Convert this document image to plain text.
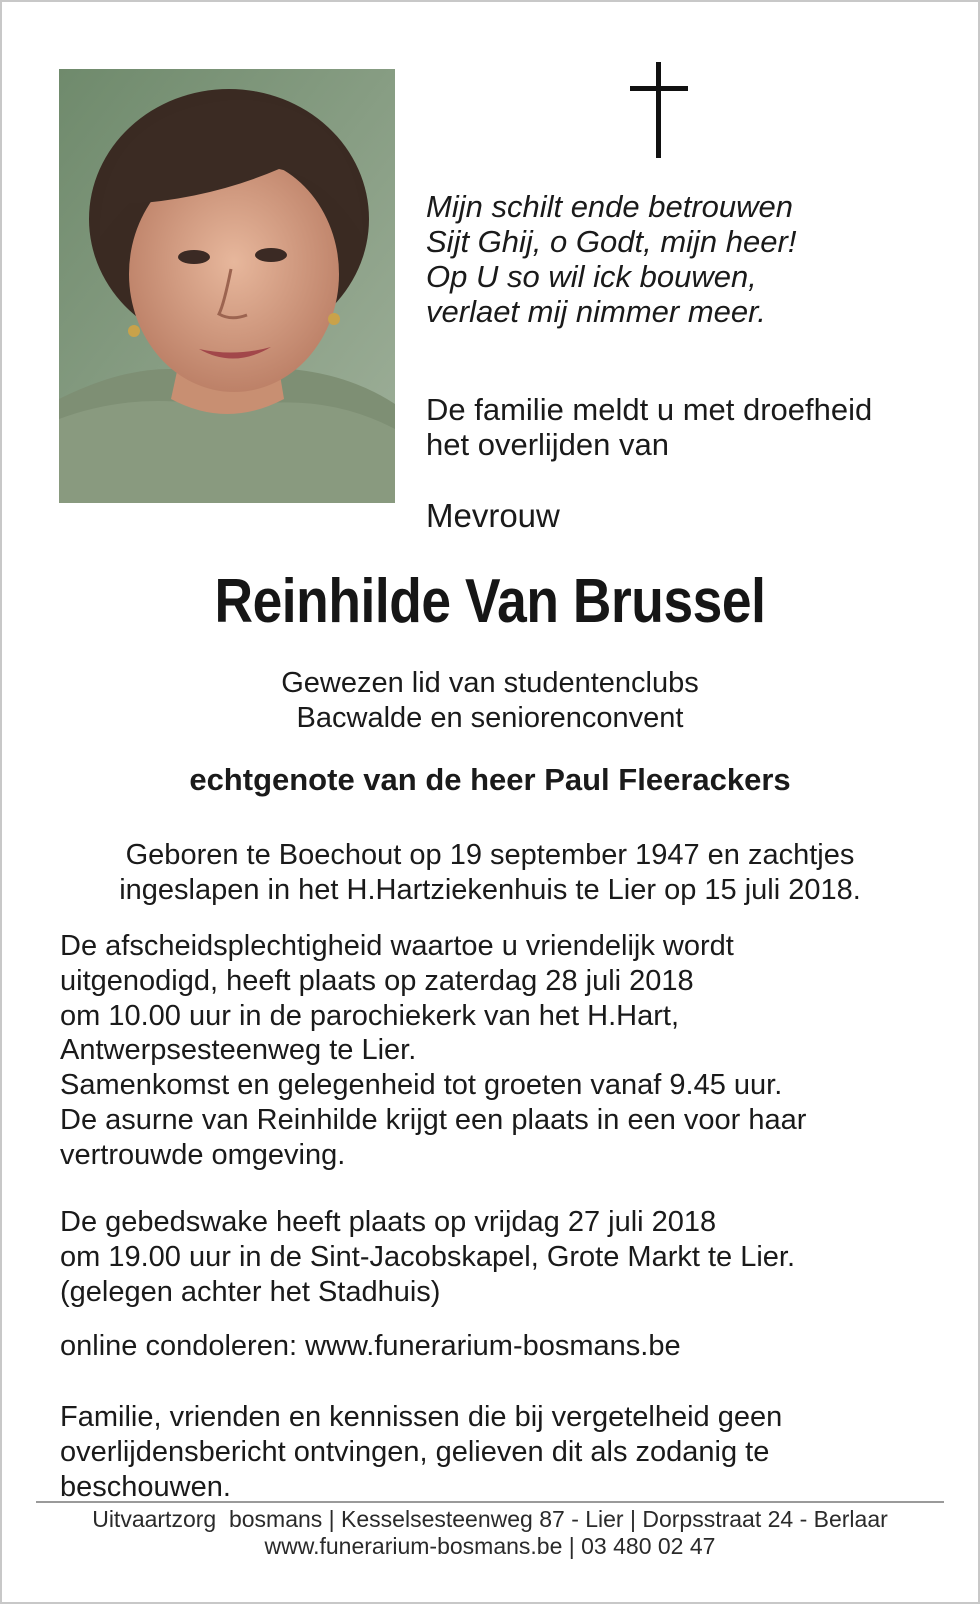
Mijn schilt ende betrouwen
Sijt Ghij, o Godt, mijn heer!
Op U so wil ick bouwen,
verlaet mij nimmer meer.
De familie meldt u met droefheid
het overlijden van
Mevrouw
Reinhilde Van Brussel
Gewezen lid van studentenclubs
Bacwalde en seniorenconvent
echtgenote van de heer Paul Fleerackers
Geboren te Boechout op 19 september 1947 en zachtjes
ingeslapen in het H.Hartziekenhuis te Lier op 15 juli 2018.
De afscheidsplechtigheid waartoe u vriendelijk wordt
uitgenodigd, heeft plaats op zaterdag 28 juli 2018
om 10.00 uur in de parochiekerk van het H.Hart,
Antwerpsesteenweg te Lier.
Samenkomst en gelegenheid tot groeten vanaf 9.45 uur.
De asurne van Reinhilde krijgt een plaats in een voor haar
vertrouwde omgeving.
De gebedswake heeft plaats op vrijdag 27 juli 2018
om 19.00 uur in de Sint-Jacobskapel, Grote Markt te Lier.
(gelegen achter het Stadhuis)
online condoleren: www.funerarium-bosmans.be
Familie, vrienden en kennissen die bij vergetelheid geen
overlijdensbericht ontvingen, gelieven dit als zodanig te
beschouwen.
Uitvaartzorg  bosmans | Kesselsesteenweg 87 - Lier | Dorpsstraat 24 - Berlaar
www.funerarium-bosmans.be | 03 480 02 47
